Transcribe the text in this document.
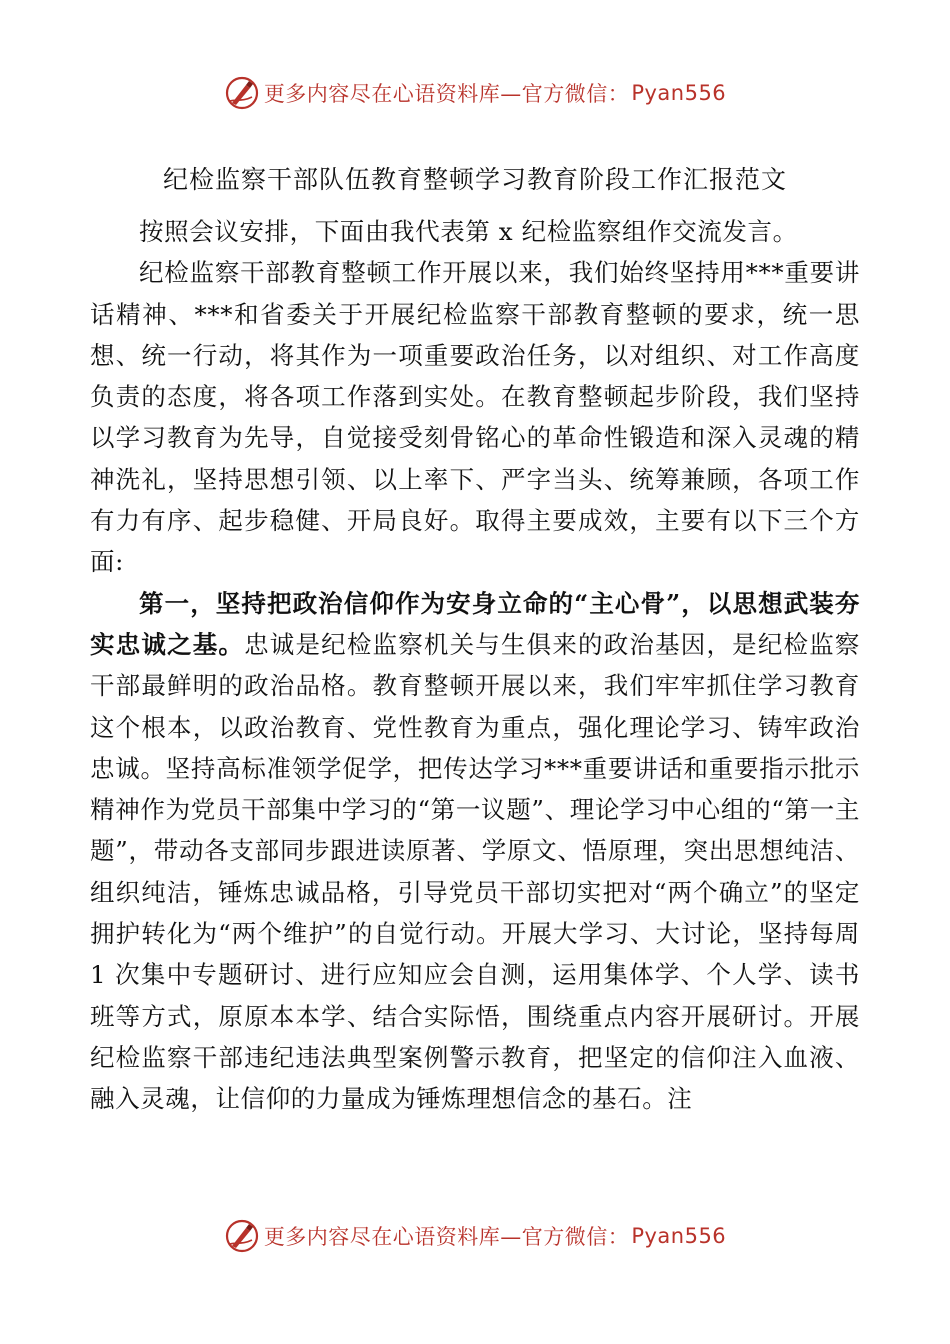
更多内容尽在心语资料库—官方微信： Pyan556
纪检监察干部队伍教育整顿学习教育阶段工作汇报范文

按照会议安排，下面由我代表第 x 纪检监察组作交流发言。

纪检监察干部教育整顿工作开展以来，我们始终坚持用***重要讲话精神、***和省委关于开展纪检监察干部教育整顿的要求，统一思想、统一行动，将其作为一项重要政治任务，以对组织、对工作高度负责的态度，将各项工作落到实处。在教育整顿起步阶段，我们坚持以学习教育为先导，自觉接受刻骨铭心的革命性锻造和深入灵魂的精神洗礼，坚持思想引领、以上率下、严字当头、统筹兼顾，各项工作有力有序、起步稳健、开局良好。取得主要成效，主要有以下三个方面:

第一，坚持把政治信仰作为安身立命的“主心骨”，以思想武装夯实忠诚之基。忠诚是纪检监察机关与生俱来的政治基因，是纪检监察干部最鲜明的政治品格。教育整顿开展以来，我们牢牢抓住学习教育这个根本，以政治教育、党性教育为重点，强化理论学习、铸牢政治忠诚。坚持高标准领学促学，把传达学习***重要讲话和重要指示批示精神作为党员干部集中学习的“第一议题”、理论学习中心组的“第一主题”，带动各支部同步跟进读原著、学原文、悟原理，突出思想纯洁、组织纯洁，锤炼忠诚品格，引导党员干部切实把对“两个确立”的坚定拥护转化为“两个维护”的自觉行动。开展大学习、大讨论，坚持每周 1 次集中专题研讨、进行应知应会自测，运用集体学、个人学、读书班等方式，原原本本学、结合实际悟，围绕重点内容开展研讨。开展纪检监察干部违纪违法典型案例警示教育，把坚定的信仰注入血液、融入灵魂，让信仰的力量成为锤炼理想信念的基石。注

更多内容尽在心语资料库—官方微信： Pyan556
